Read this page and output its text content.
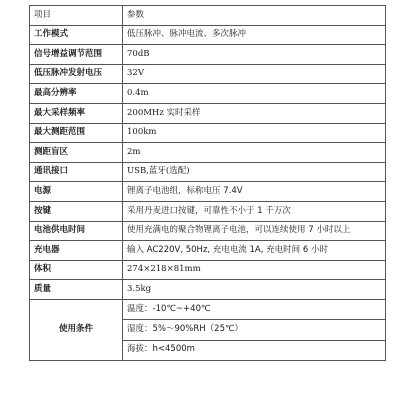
项目	参数
工作模式	低压脉冲、脉冲电流、多次脉冲
信号增益调节范围	70dB
低压脉冲发射电压	32V
最高分辨率	0.4m
最大采样频率	200MHz 实时采样
最大测距范围	100km
测距盲区	2m
通讯接口	USB,蓝牙(选配)
电源	锂离子电池组，标称电压 7.4V
按键	采用丹麦进口按键，可靠性不小于 1 千万次
电池供电时间	使用充满电的聚合物锂离子电池，可以连续使用 7 小时以上
充电器	输入 AC220V, 50Hz, 充电电流 1A, 充电时间 6 小时
体积	274×218×81mm
质量	3.5kg
使用条件	温度：-10℃~+40℃
	湿度：5%～90%RH（25℃）
	海拔：h<4500m
